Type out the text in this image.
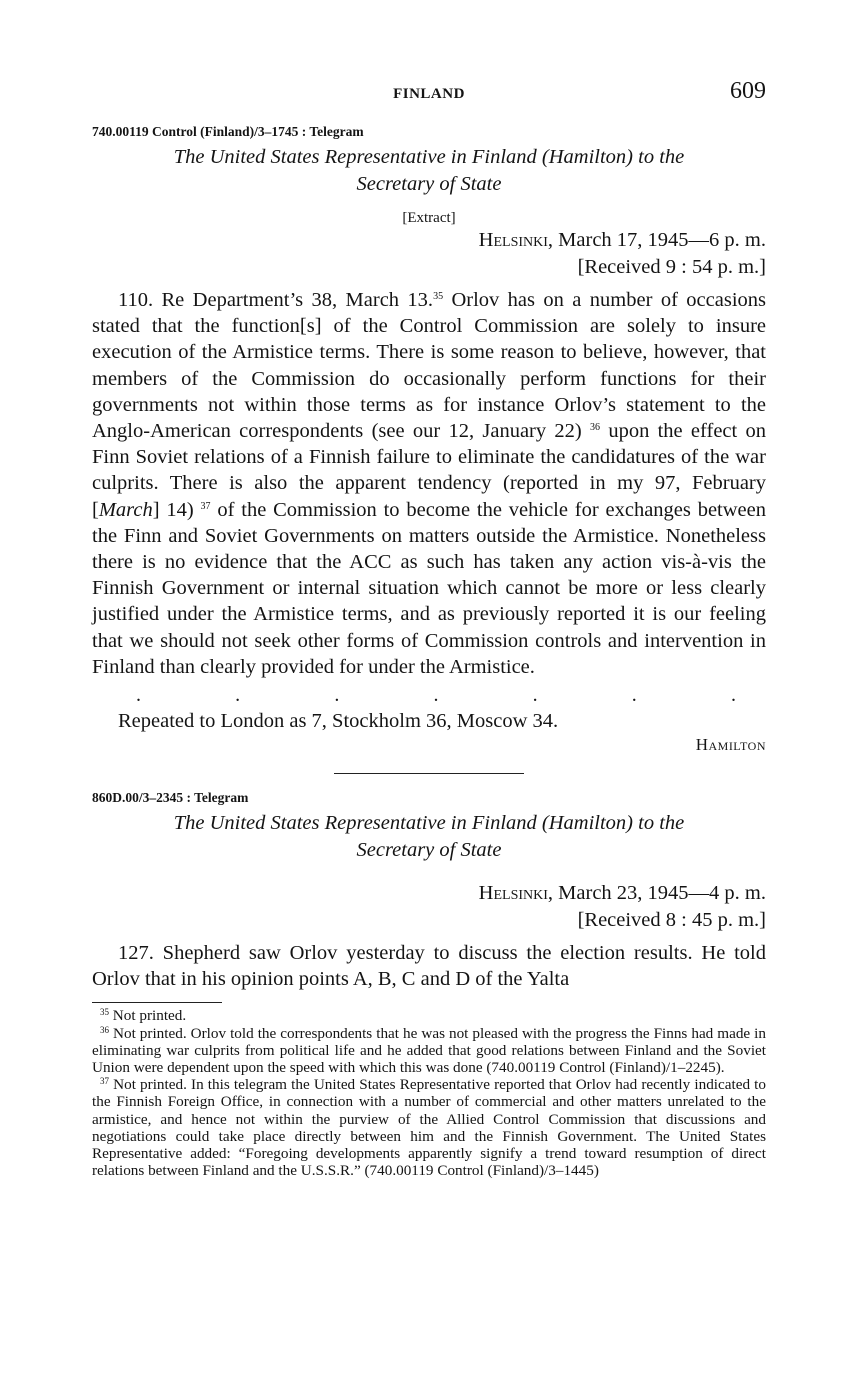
FINLAND	609
740.00119 Control (Finland)/3–1745 : Telegram
The United States Representative in Finland (Hamilton) to the
Secretary of State
[Extract]
Helsinki, March 17, 1945—6 p. m.
[Received 9 : 54 p. m.]

110. Re Department’s 38, March 13.35 Orlov has on a number of occasions stated that the function[s] of the Control Commission are solely to insure execution of the Armistice terms. There is some reason to believe, however, that members of the Commission do occasionally perform functions for their governments not within those terms as for instance Orlov’s statement to the Anglo-American correspondents (see our 12, January 22) $^{36}$ upon the effect on Finn Soviet relations of a Finnish failure to eliminate the candidatures of the war culprits. There is also the apparent tendency (reported in my 97, February [March] 14) $^{37}$ of the Commission to become the vehicle for exchanges between the Finn and Soviet Governments on matters outside the Armistice. Nonetheless there is no evidence that the ACC as such has taken any action vis-à-vis the Finnish Government or internal situation which cannot be more or less clearly justified under the Armistice terms, and as previously reported it is our feeling that we should not seek other forms of Commission controls and intervention in Finland than clearly provided for under the Armistice.

.	.	.	.	.	.	.

Repeated to London as 7, Stockholm 36, Moscow 34.

Hamilton
860D.00/3–2345 : Telegram
The United States Representative in Finland (Hamilton) to the
Secretary of State
Helsinki, March 23, 1945—4 p. m.
[Received 8 : 45 p. m.]

127. Shepherd saw Orlov yesterday to discuss the election results. He told Orlov that in his opinion points A, B, C and D of the Yalta

$^{35}$ Not printed.

$^{36}$ Not printed. Orlov told the correspondents that he was not pleased with the progress the Finns had made in eliminating war culprits from political life and he added that good relations between Finland and the Soviet Union were dependent upon the speed with which this was done (740.00119 Control (Finland)/1–2245).

$^{37}$ Not printed. In this telegram the United States Representative reported that Orlov had recently indicated to the Finnish Foreign Office, in connection with a number of commercial and other matters unrelated to the armistice, and hence not within the purview of the Allied Control Commission that discussions and negotiations could take place directly between him and the Finnish Government. The United States Representative added: “Foregoing developments apparently signify a trend toward resumption of direct relations between Finland and the U.S.S.R.” (740.00119 Control (Finland)/3–1445)
